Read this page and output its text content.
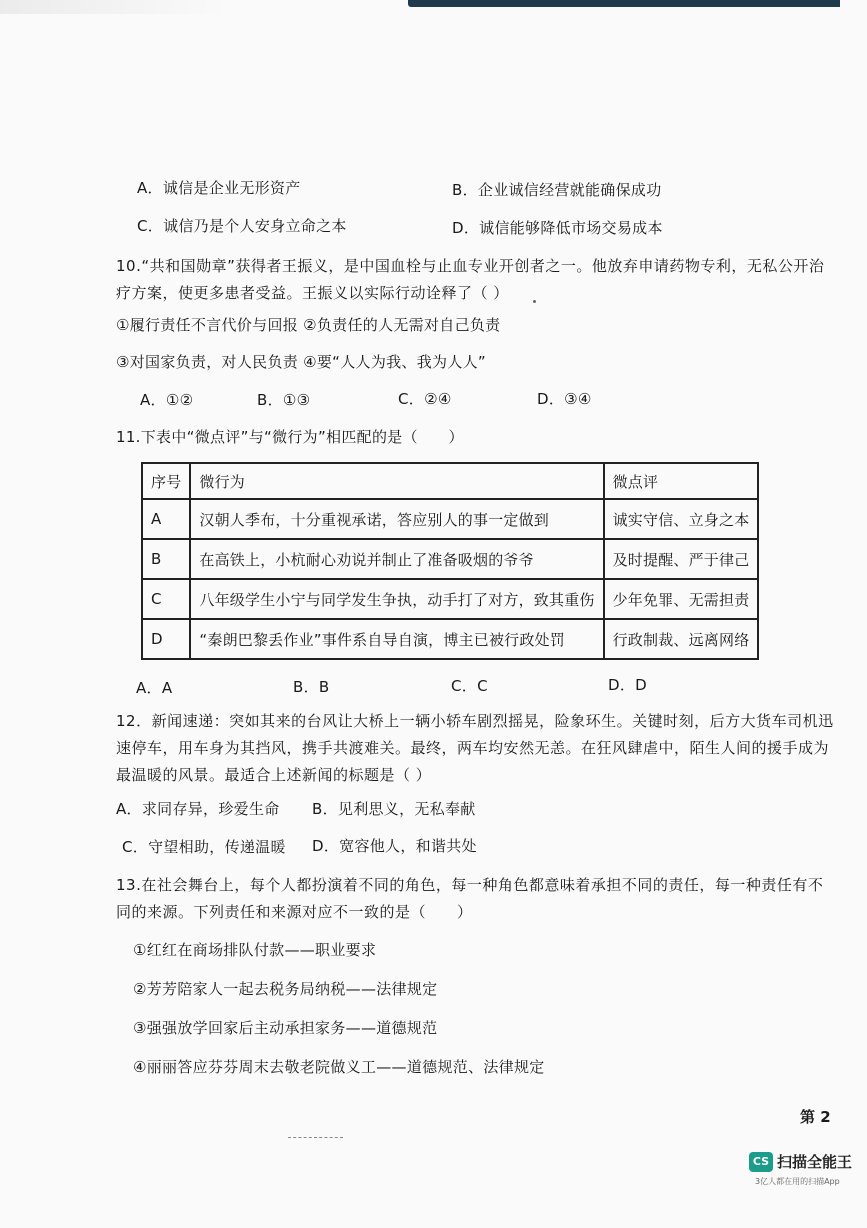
A．诚信是企业无形资产	B．企业诚信经营就能确保成功
C．诚信乃是个人安身立命之本	D．诚信能够降低市场交易成本
10.“共和国勋章”获得者王振义，是中国血栓与止血专业开创者之一。他放弃申请药物专利，无私公开治疗方案，使更多患者受益。王振义以实际行动诠释了（ ）
①履行责任不言代价与回报 ②负责任的人无需对自己负责
③对国家负责，对人民负责 ④要“人人为我、我为人人”
A．①②	B．①③	C．②④	D．③④
11.下表中“微点评”与“微行为”相匹配的是（　　）
序号	微行为	微点评
A	汉朝人季布，十分重视承诺，答应别人的事一定做到	诚实守信、立身之本
B	在高铁上，小杭耐心劝说并制止了准备吸烟的爷爷	及时提醒、严于律己
C	八年级学生小宁与同学发生争执，动手打了对方，致其重伤	少年免罪、无需担责
D	“秦朗巴黎丢作业”事件系自导自演，博主已被行政处罚	行政制裁、远离网络
A．A	B．B	C．C	D．D
12．新闻速递：突如其来的台风让大桥上一辆小轿车剧烈摇晃，险象环生。关键时刻，后方大货车司机迅速停车，用车身为其挡风，携手共渡难关。最终，两车均安然无恙。在狂风肆虐中，陌生人间的援手成为最温暖的风景。最适合上述新闻的标题是（ ）
A．求同存异，珍爱生命 B．见利思义，无私奉献
C．守望相助，传递温暖 D．宽容他人，和谐共处
13.在社会舞台上，每个人都扮演着不同的角色，每一种角色都意味着承担不同的责任，每一种责任有不同的来源。下列责任和来源对应不一致的是（　　）
①红红在商场排队付款——职业要求
②芳芳陪家人一起去税务局纳税——法律规定
③强强放学回家后主动承担家务——道德规范
④丽丽答应芬芬周末去敬老院做义工——道德规范、法律规定
第 2
CS 扫描全能王
3亿人都在用的扫描App
